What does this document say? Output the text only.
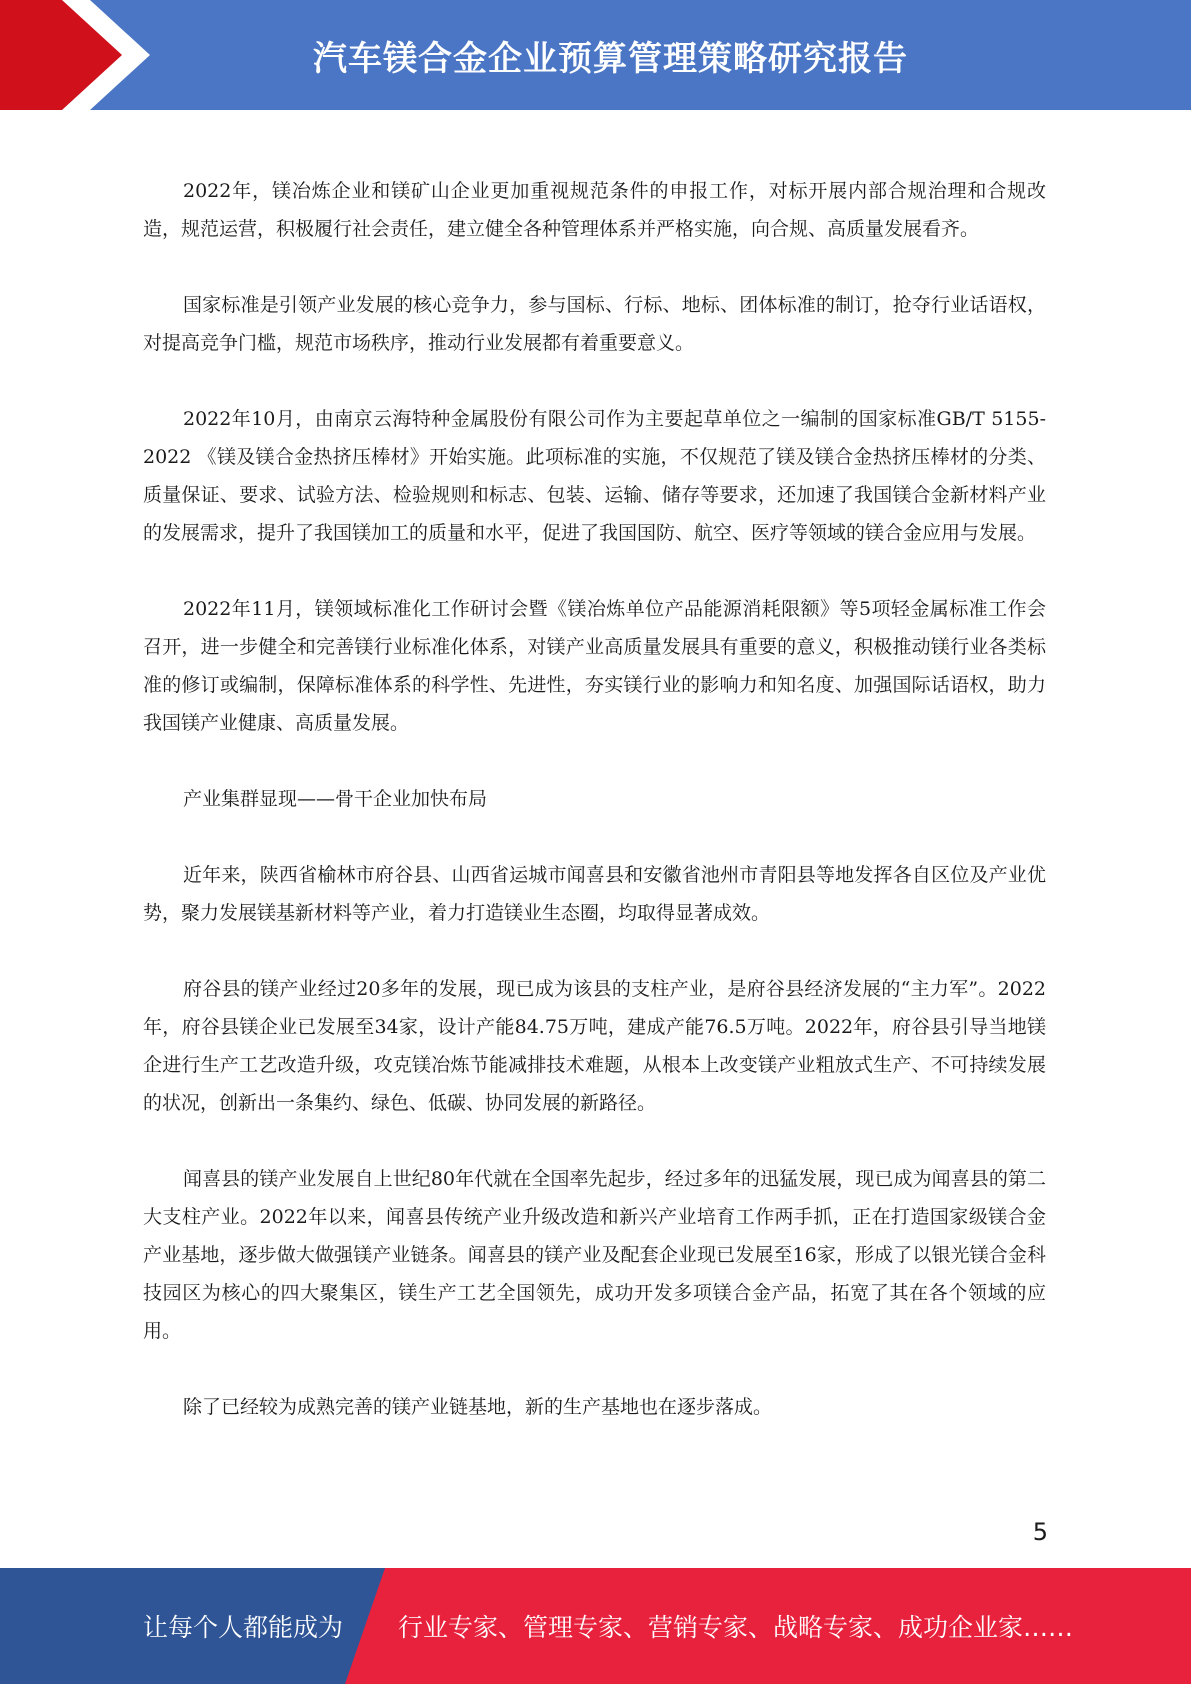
汽车镁合金企业预算管理策略研究报告

2022年，镁冶炼企业和镁矿山企业更加重视规范条件的申报工作，对标开展内部合规治理和合规改造，规范运营，积极履行社会责任，建立健全各种管理体系并严格实施，向合规、高质量发展看齐。

国家标准是引领产业发展的核心竞争力，参与国标、行标、地标、团体标准的制订，抢夺行业话语权，对提高竞争门槛，规范市场秩序，推动行业发展都有着重要意义。

2022年10月，由南京云海特种金属股份有限公司作为主要起草单位之一编制的国家标准GB/T 5155-2022 《镁及镁合金热挤压棒材》开始实施。此项标准的实施，不仅规范了镁及镁合金热挤压棒材的分类、质量保证、要求、试验方法、检验规则和标志、包装、运输、储存等要求，还加速了我国镁合金新材料产业的发展需求，提升了我国镁加工的质量和水平，促进了我国国防、航空、医疗等领域的镁合金应用与发展。

2022年11月，镁领域标准化工作研讨会暨《镁冶炼单位产品能源消耗限额》等5项轻金属标准工作会召开，进一步健全和完善镁行业标准化体系，对镁产业高质量发展具有重要的意义，积极推动镁行业各类标准的修订或编制，保障标准体系的科学性、先进性，夯实镁行业的影响力和知名度、加强国际话语权，助力我国镁产业健康、高质量发展。

产业集群显现——骨干企业加快布局

近年来，陕西省榆林市府谷县、山西省运城市闻喜县和安徽省池州市青阳县等地发挥各自区位及产业优势，聚力发展镁基新材料等产业，着力打造镁业生态圈，均取得显著成效。

府谷县的镁产业经过20多年的发展，现已成为该县的支柱产业，是府谷县经济发展的“主力军”。2022年，府谷县镁企业已发展至34家，设计产能84.75万吨，建成产能76.5万吨。2022年，府谷县引导当地镁企进行生产工艺改造升级，攻克镁冶炼节能减排技术难题，从根本上改变镁产业粗放式生产、不可持续发展的状况，创新出一条集约、绿色、低碳、协同发展的新路径。

闻喜县的镁产业发展自上世纪80年代就在全国率先起步，经过多年的迅猛发展，现已成为闻喜县的第二大支柱产业。2022年以来，闻喜县传统产业升级改造和新兴产业培育工作两手抓，正在打造国家级镁合金产业基地，逐步做大做强镁产业链条。闻喜县的镁产业及配套企业现已发展至16家，形成了以银光镁合金科技园区为核心的四大聚集区，镁生产工艺全国领先，成功开发多项镁合金产品，拓宽了其在各个领域的应用。

除了已经较为成熟完善的镁产业链基地，新的生产基地也在逐步落成。

5
让每个人都能成为 行业专家、管理专家、营销专家、战略专家、成功企业家……
